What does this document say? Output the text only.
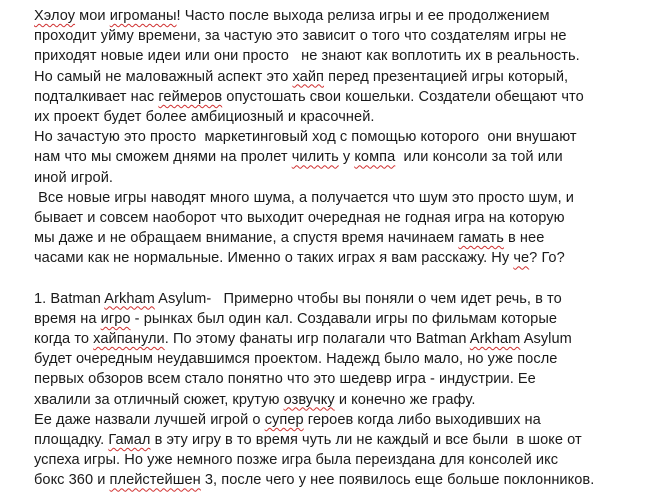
Хэлоу мои игроманы! Часто после выхода релиза игры и ее продолжением
проходит уйму времени, за частую это зависит о того что создателям игры не
приходят новые идеи или они просто   не знают как воплотить их в реальность.
Но самый не маловажный аспект это хайп перед презентацией игры который,
подталкивает нас геймеров опустошать свои кошельки. Создатели обещают что
их проект будет более амбициозный и красочней.
Но зачастую это просто  маркетинговый ход с помощью которого  они внушают
нам что мы сможем днями на пролет чилить у компа  или консоли за той или
иной игрой.
Все новые игры наводят много шума, а получается что шум это просто шум, и
бывает и совсем наоборот что выходит очередная не годная игра на которую
мы даже и не обращаем внимание, а спустя время начинаем гамать в нее
часами как не нормальные. Именно о таких играх я вам расскажу. Ну че? Го?
1. Batman Arkham Asylum-   Примерно чтобы вы поняли о чем идет речь, в то
время на игро - рынках был один кал. Создавали игры по фильмам которые
когда то хайпанули. По этому фанаты игр полагали что Batman Arkham Asylum
будет очередным неудавшимся проектом. Надежд было мало, но уже после
первых обзоров всем стало понятно что это шедевр игра - индустрии. Ее
хвалили за отличный сюжет, крутую озвучку и конечно же графу.
Ее даже назвали лучшей игрой о супер героев когда либо выходивших на
площадку. Гамал в эту игру в то время чуть ли не каждый и все были  в шоке от
успеха игры. Но уже немного позже игра была переиздана для консолей икс
бокс 360 и плейстейшен 3, после чего у нее появилось еще больше поклонников.
